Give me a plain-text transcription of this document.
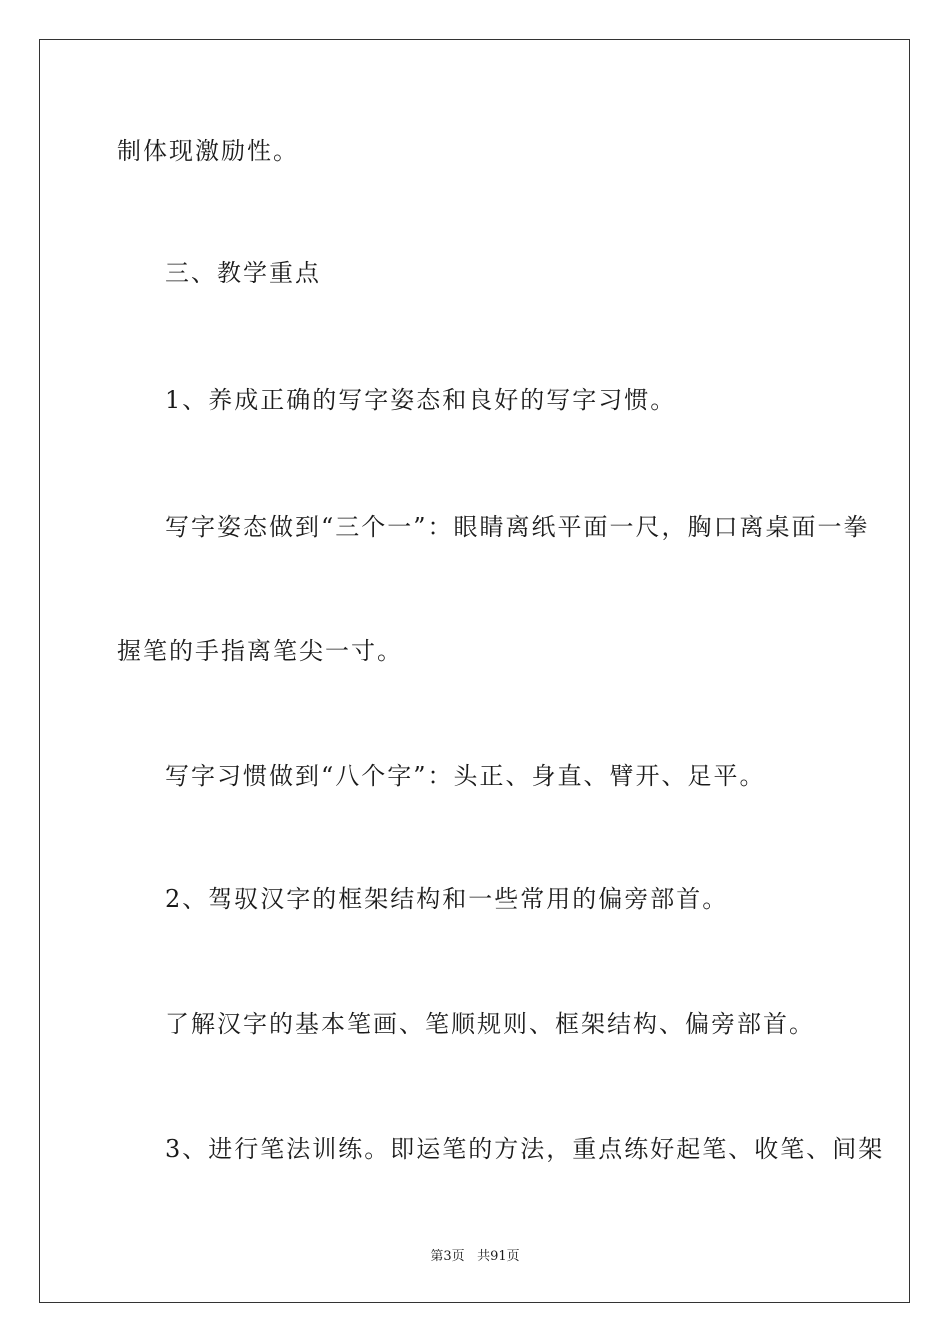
制体现激励性。
三、教学重点
1、养成正确的写字姿态和良好的写字习惯。
写字姿态做到“三个一”：眼睛离纸平面一尺，胸口离桌面一拳
握笔的手指离笔尖一寸。
写字习惯做到“八个字”：头正、身直、臂开、足平。
2、驾驭汉字的框架结构和一些常用的偏旁部首。
了解汉字的基本笔画、笔顺规则、框架结构、偏旁部首。
3、进行笔法训练。即运笔的方法，重点练好起笔、收笔、间架
第3页 共91页
